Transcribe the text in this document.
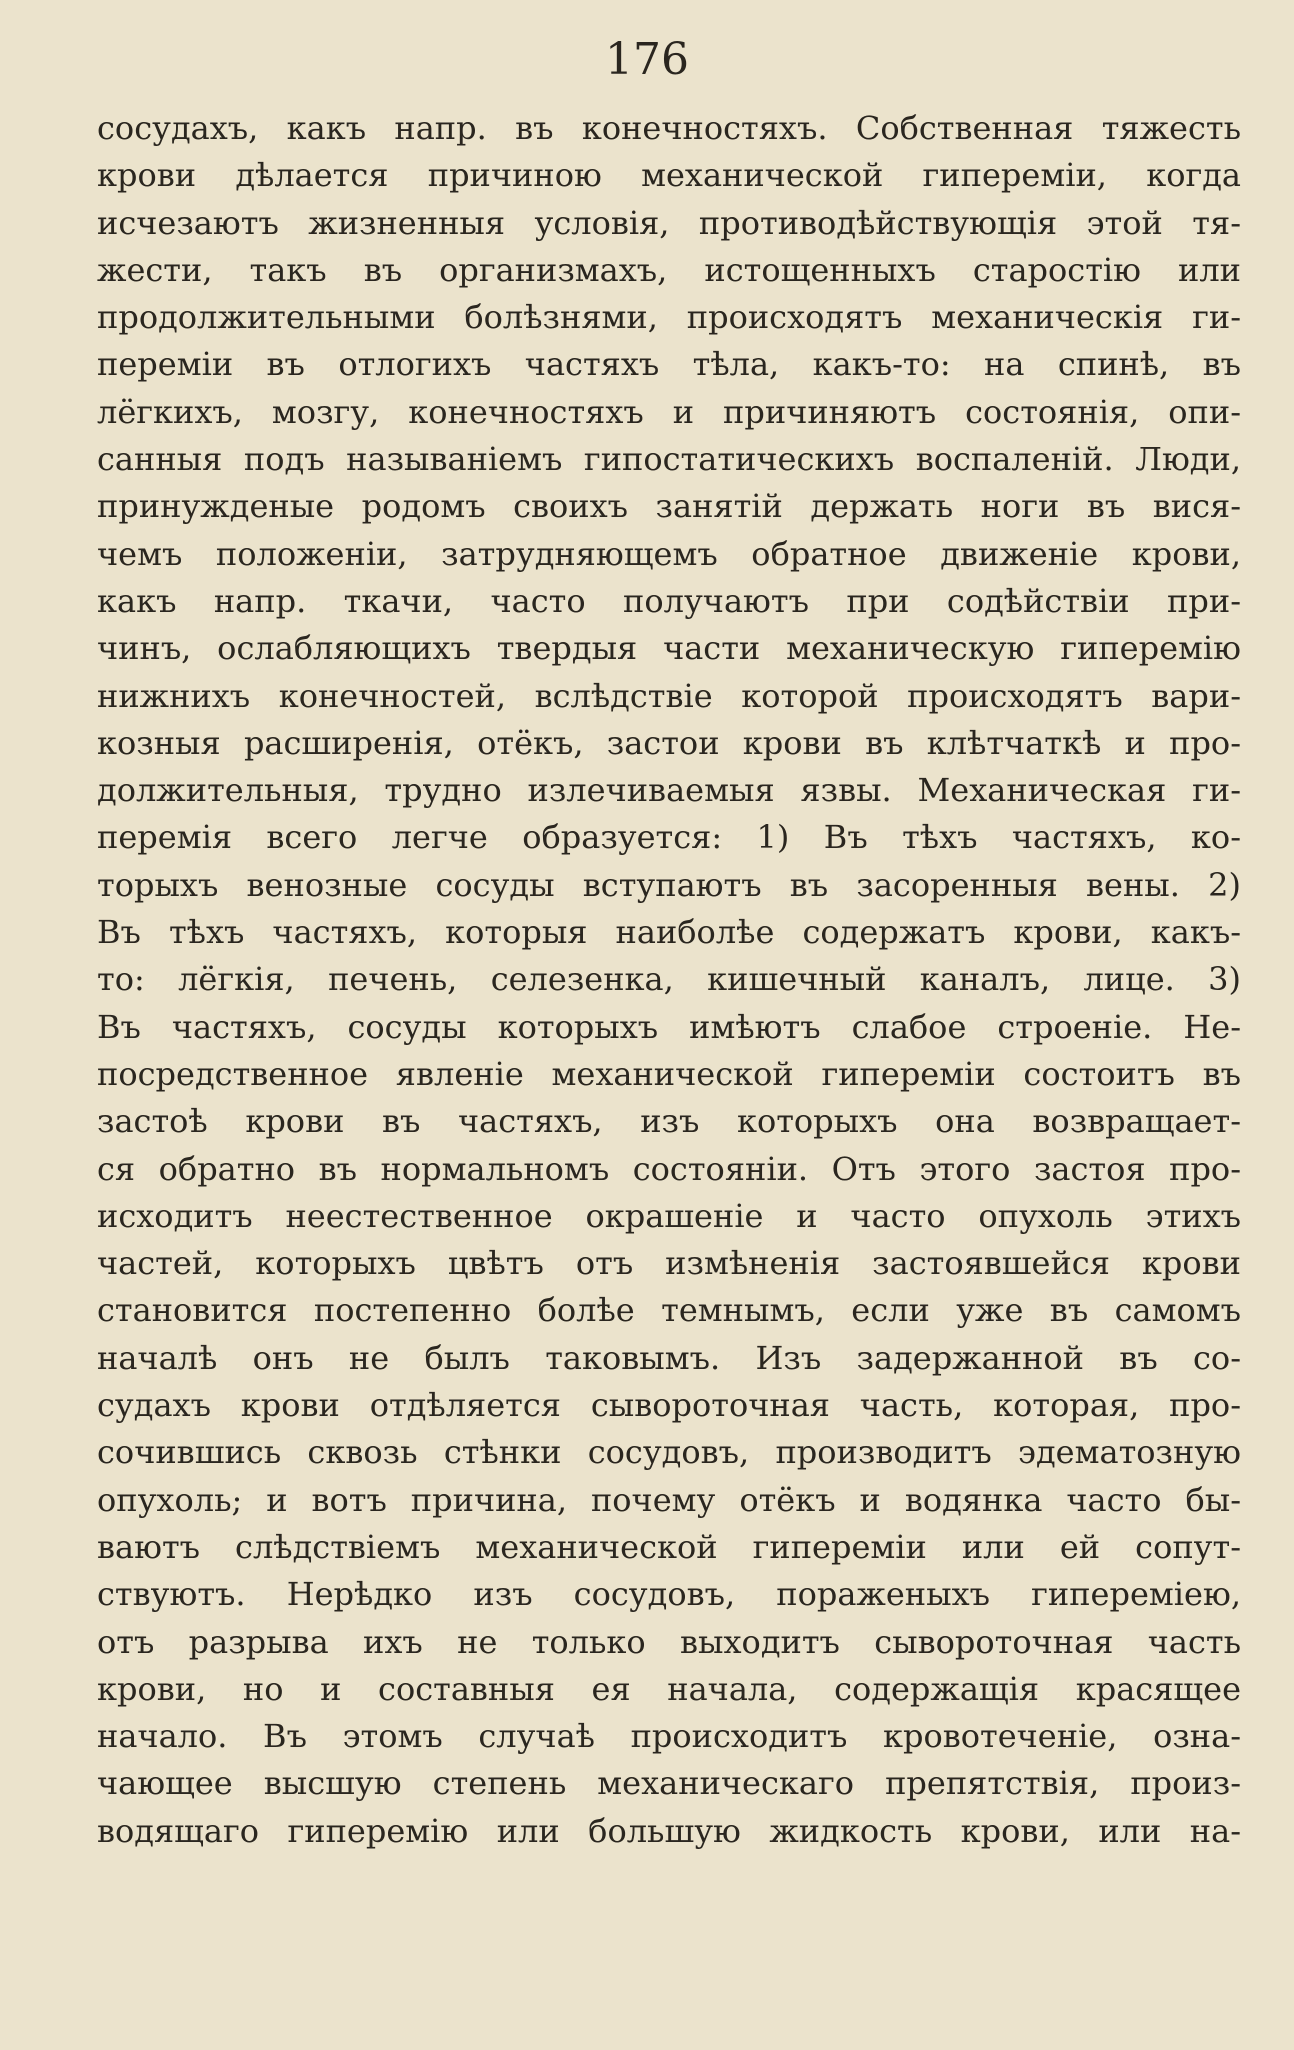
176
сосудахъ, какъ напр. въ конечностяхъ. Собственная тяжесть
крови дѣлается причиною механической гипереміи, когда
исчезаютъ жизненныя условія, противодѣйствующія этой тя-
жести, такъ въ организмахъ, истощенныхъ старостію или
продолжительными болѣзнями, происходятъ механическія ги-
переміи въ отлогихъ частяхъ тѣла, какъ-то: на спинѣ, въ
лёгкихъ, мозгу, конечностяхъ и причиняютъ состоянія, опи-
санныя подъ называніемъ гипостатическихъ воспаленій. Люди,
принужденые родомъ своихъ занятій держать ноги въ вися-
чемъ положеніи, затрудняющемъ обратное движеніе крови,
какъ напр. ткачи, часто получаютъ при содѣйствіи при-
чинъ, ослабляющихъ твердыя части механическую гиперемію
нижнихъ конечностей, вслѣдствіе которой происходятъ вари-
козныя расширенія, отёкъ, застои крови въ клѣтчаткѣ и про-
должительныя, трудно излечиваемыя язвы. Механическая ги-
перемія всего легче образуется: 1) Въ тѣхъ частяхъ, ко-
торыхъ венозные сосуды вступаютъ въ засоренныя вены. 2)
Въ тѣхъ частяхъ, которыя наиболѣе содержатъ крови, какъ-
то: лёгкія, печень, селезенка, кишечный каналъ, лице. 3)
Въ частяхъ, сосуды которыхъ имѣютъ слабое строеніе. Не-
посредственное явленіе механической гипереміи состоитъ въ
застоѣ крови въ частяхъ, изъ которыхъ она возвращает-
ся обратно въ нормальномъ состояніи. Отъ этого застоя про-
исходитъ неестественное окрашеніе и часто опухоль этихъ
частей, которыхъ цвѣтъ отъ измѣненія застоявшейся крови
становится постепенно болѣе темнымъ, если уже въ самомъ
началѣ онъ не былъ таковымъ. Изъ задержанной въ со-
судахъ крови отдѣляется сывороточная часть, которая, про-
сочившись сквозь стѣнки сосудовъ, производитъ эдематозную
опухоль; и вотъ причина, почему отёкъ и водянка часто бы-
ваютъ слѣдствіемъ механической гипереміи или ей сопут-
ствуютъ. Нерѣдко изъ сосудовъ, пораженыхъ гипереміею,
отъ разрыва ихъ не только выходитъ сывороточная часть
крови, но и составныя ея начала, содержащія красящее
начало. Въ этомъ случаѣ происходитъ кровотеченіе, озна-
чающее высшую степень механическаго препятствія, произ-
водящаго гиперемію или большую жидкость крови, или на-
